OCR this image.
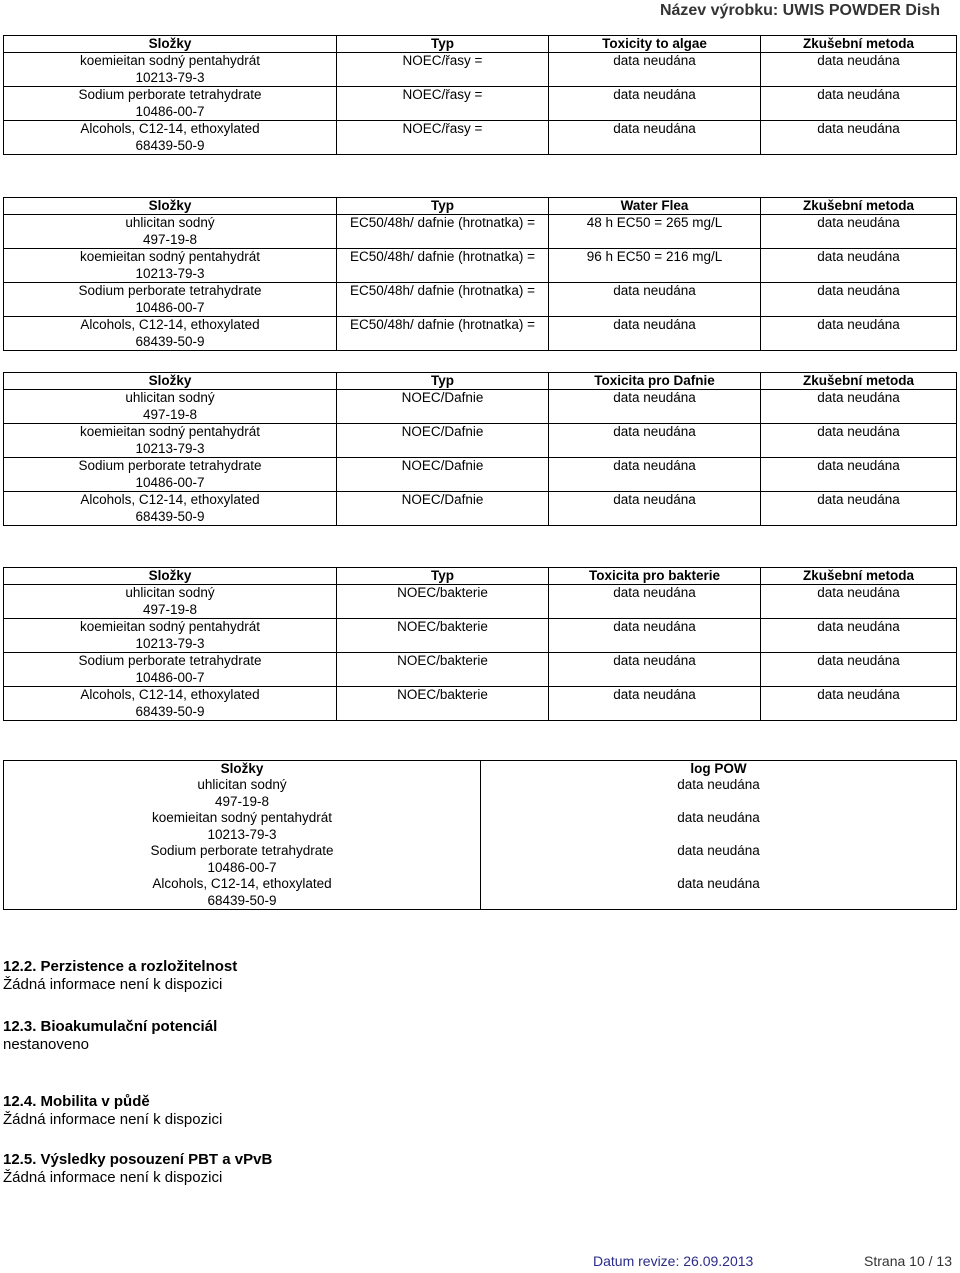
Název výrobku: UWIS POWDER Dish
Složky	Typ	Toxicity to algae	Zkušební metoda

koemieitan sodný pentahydrát
10213-79-3	NOEC/řasy =	data neudána	data neudána

Sodium perborate tetrahydrate
10486-00-7	NOEC/řasy =	data neudána	data neudána

Alcohols, C12-14, ethoxylated
68439-50-9	NOEC/řasy =	data neudána	data neudána
Složky	Typ	Water Flea	Zkušební metoda

uhlicitan sodný
497-19-8	EC50/48h/ dafnie (hrotnatka) =	48 h EC50 = 265 mg/L	data neudána

koemieitan sodný pentahydrát
10213-79-3	EC50/48h/ dafnie (hrotnatka) =	96 h EC50 = 216 mg/L	data neudána

Sodium perborate tetrahydrate
10486-00-7	EC50/48h/ dafnie (hrotnatka) =	data neudána	data neudána

Alcohols, C12-14, ethoxylated
68439-50-9	EC50/48h/ dafnie (hrotnatka) =	data neudána	data neudána
Složky	Typ	Toxicita pro Dafnie	Zkušební metoda

uhlicitan sodný
497-19-8	NOEC/Dafnie	data neudána	data neudána

koemieitan sodný pentahydrát
10213-79-3	NOEC/Dafnie	data neudána	data neudána

Sodium perborate tetrahydrate
10486-00-7	NOEC/Dafnie	data neudána	data neudána

Alcohols, C12-14, ethoxylated
68439-50-9	NOEC/Dafnie	data neudána	data neudána
Složky	Typ	Toxicita pro bakterie	Zkušební metoda

uhlicitan sodný
497-19-8	NOEC/bakterie	data neudána	data neudána

koemieitan sodný pentahydrát
10213-79-3	NOEC/bakterie	data neudána	data neudána

Sodium perborate tetrahydrate
10486-00-7	NOEC/bakterie	data neudána	data neudána

Alcohols, C12-14, ethoxylated
68439-50-9	NOEC/bakterie	data neudána	data neudána
Složky	log POW

uhlicitan sodný
497-19-8	data neudána

koemieitan sodný pentahydrát
10213-79-3	data neudána

Sodium perborate tetrahydrate
10486-00-7	data neudána

Alcohols, C12-14, ethoxylated
68439-50-9	data neudána
12.2. Perzistence a rozložitelnost
Žádná informace není k dispozici
12.3. Bioakumulační potenciál
nestanoveno
12.4. Mobilita v půdě
Žádná informace není k dispozici
12.5. Výsledky posouzení PBT a vPvB
Žádná informace není k dispozici
Datum revize: 26.09.2013	Strana 10 / 13
